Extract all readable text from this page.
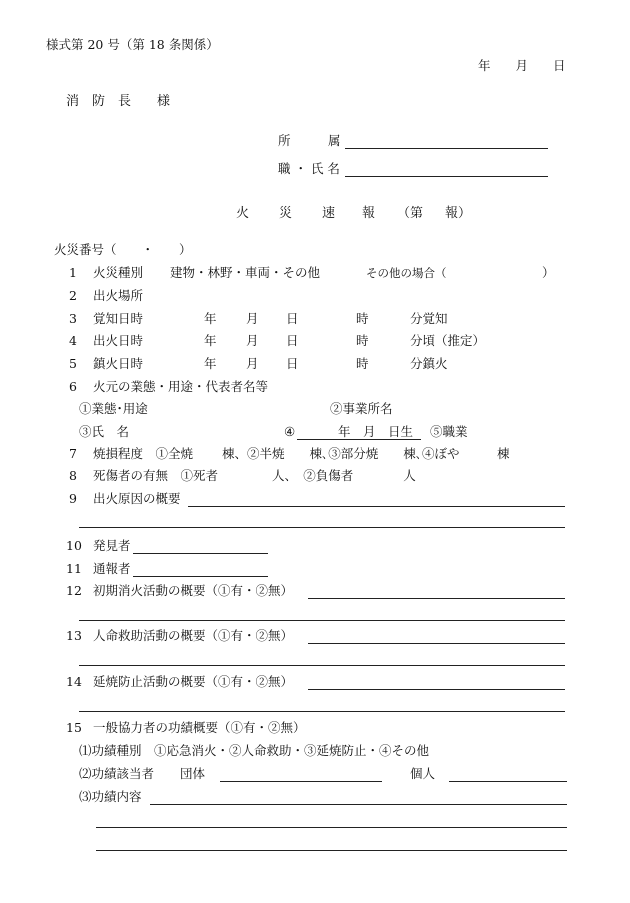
様式第 20 号（第 18 条関係）
年　　月　　日
消　防　長　　様
所　　　属
職 ・ 氏 名
火 災 速 報 （第 報）
火災番号（　　・　　）
1 火災種別 建物・林野・車両・その他	その他の場合（	）
2 出火場所
3 覚知日時	年 月 日	時	分覚知
4 出火日時	年 月 日	時	分頃（推定）
5 鎮火日時	年 月 日	時	分鎮火
6 火元の業態・用途・代表者名等
①業態･用途	②事業所名
③氏　名	④	年　月　日生 ⑤職業
7 焼損程度　①全焼　　 棟、②半焼　　棟､③部分焼　　棟､④ぼや　　　棟
8 死傷者の有無　①死者　　　　 人、　②負傷者　　　　人
9 出火原因の概要
10 発見者
11 通報者
12 初期消火活動の概要（①有・②無）
13 人命救助活動の概要（①有・②無）
14 延焼防止活動の概要（①有・②無）
15 一般協力者の功績概要（①有・②無）
⑴功績種別　①応急消火・②人命救助・③延焼防止・④その他
⑵功績該当者 団体	個人
⑶功績内容
